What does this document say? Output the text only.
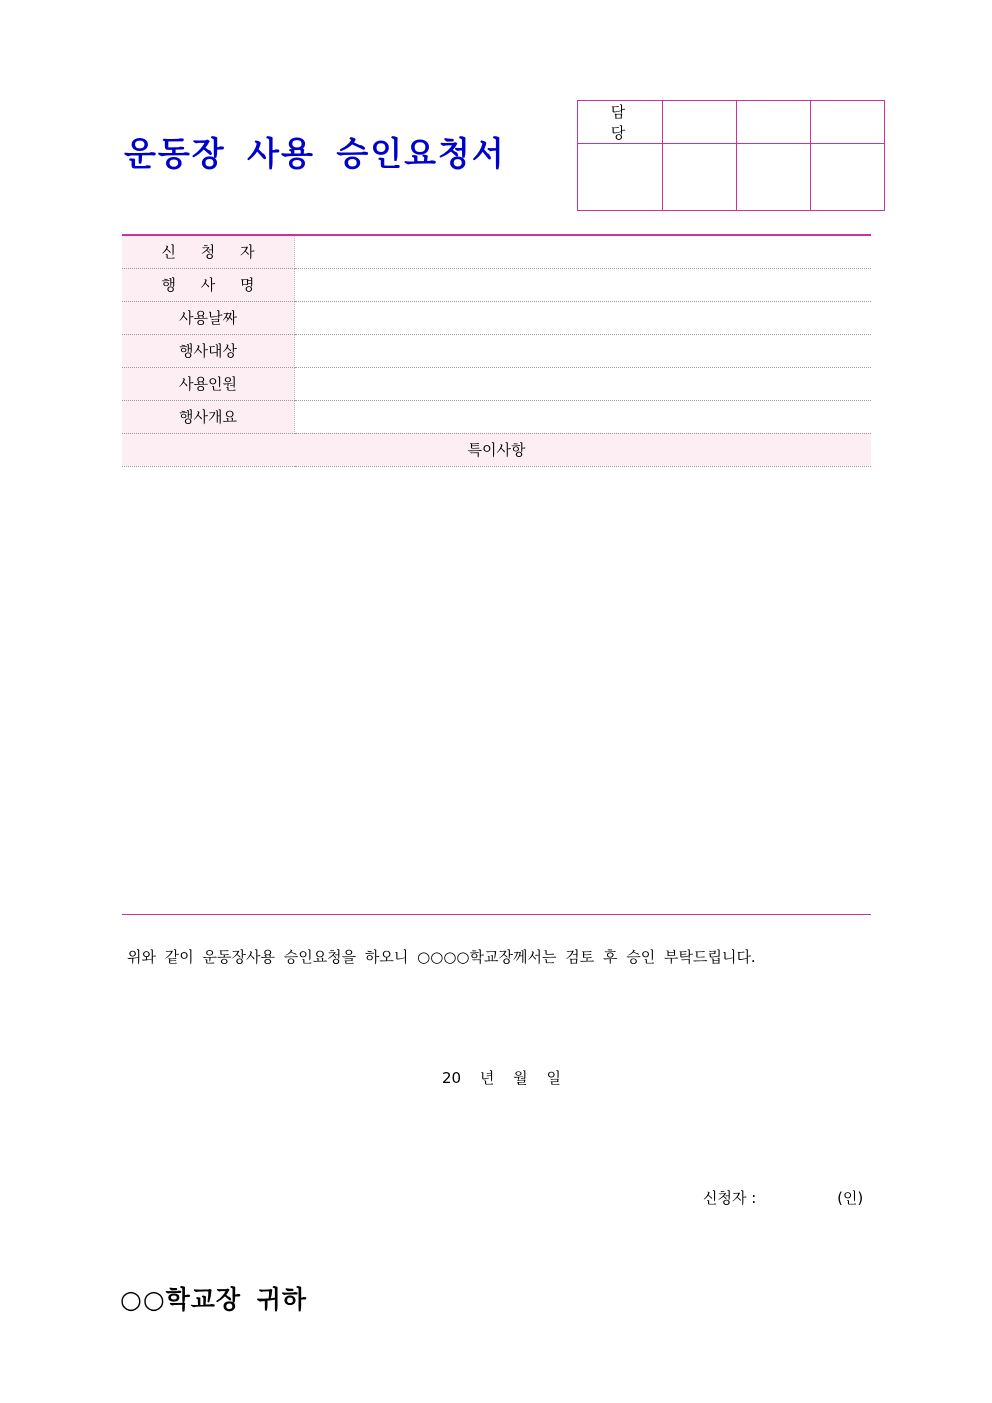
운동장 사용 승인요청서
담 당			

신 청 자	
행 사 명	
사용날짜	
행사대상	
사용인원	
행사개요	
특이사항	
위와 같이 운동장사용 승인요청을 하오니 ○○○○학교장께서는 검토 후 승인 부탁드립니다.
20 년 월 일
신청자 :	(인)
○○학교장 귀하
